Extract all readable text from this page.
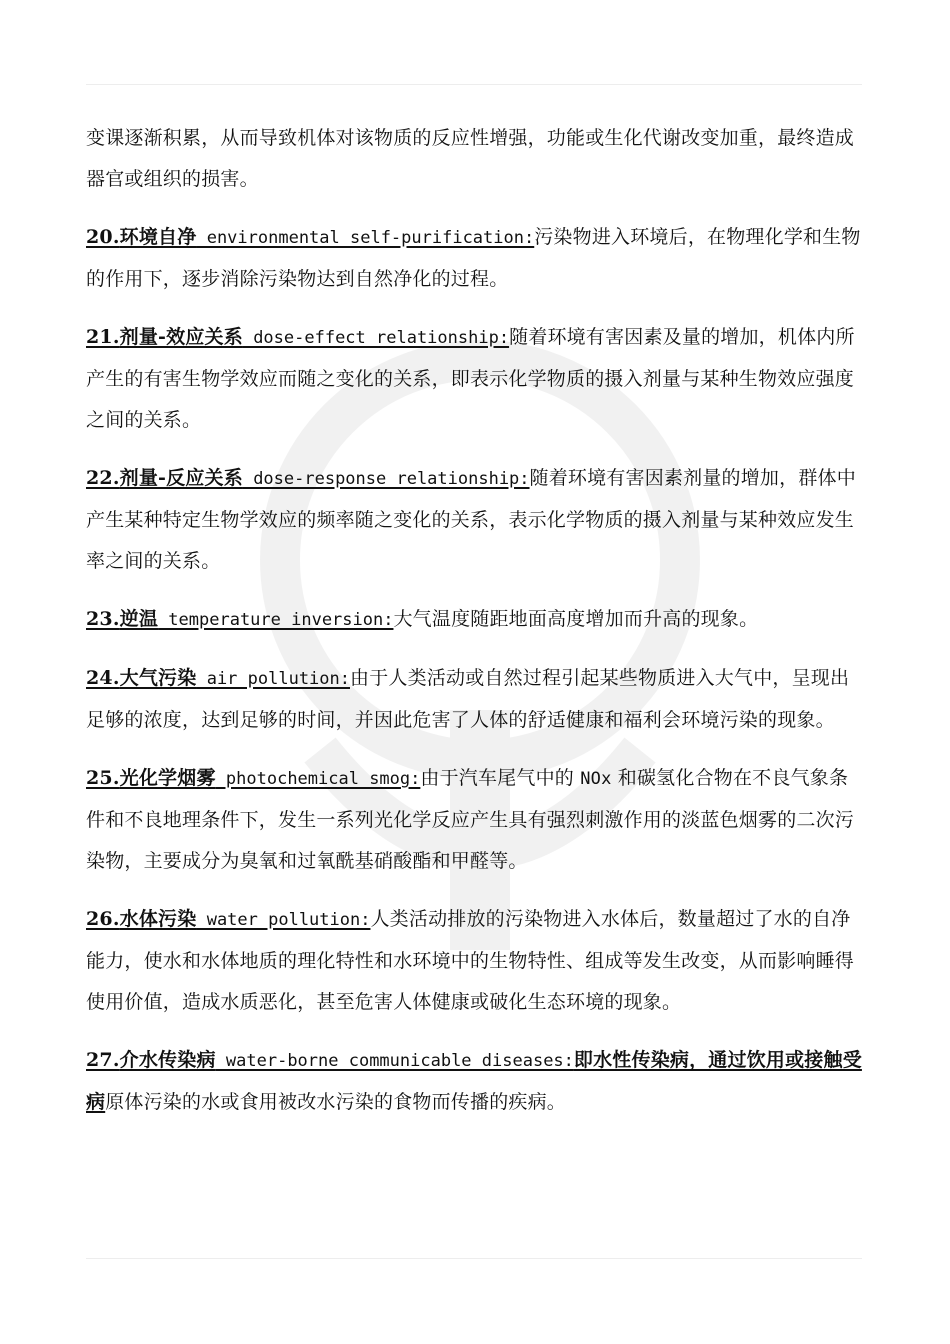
变课逐渐积累，从而导致机体对该物质的反应性增强，功能或生化代谢改变加重，最终造成器官或组织的损害。

20.环境自净 environmental self-purification:污染物进入环境后，在物理化学和生物的作用下，逐步消除污染物达到自然净化的过程。

21.剂量-效应关系 dose-effect relationship:随着环境有害因素及量的增加，机体内所产生的有害生物学效应而随之变化的关系，即表示化学物质的摄入剂量与某种生物效应强度之间的关系。

22.剂量-反应关系 dose-response relationship:随着环境有害因素剂量的增加，群体中产生某种特定生物学效应的频率随之变化的关系，表示化学物质的摄入剂量与某种效应发生率之间的关系。

23.逆温 temperature inversion:大气温度随距地面高度增加而升高的现象。

24.大气污染 air pollution:由于人类活动或自然过程引起某些物质进入大气中，呈现出足够的浓度，达到足够的时间，并因此危害了人体的舒适健康和福利会环境污染的现象。

25.光化学烟雾 photochemical smog:由于汽车尾气中的 NOx 和碳氢化合物在不良气象条件和不良地理条件下，发生一系列光化学反应产生具有强烈刺激作用的淡蓝色烟雾的二次污染物，主要成分为臭氧和过氧酰基硝酸酯和甲醛等。

26.水体污染 water pollution:人类活动排放的污染物进入水体后，数量超过了水的自净能力，使水和水体地质的理化特性和水环境中的生物特性、组成等发生改变，从而影响睡得使用价值，造成水质恶化，甚至危害人体健康或破化生态环境的现象。

27.介水传染病 water-borne communicable diseases:即水性传染病，通过饮用或接触受病原体污染的水或食用被改水污染的食物而传播的疾病。
